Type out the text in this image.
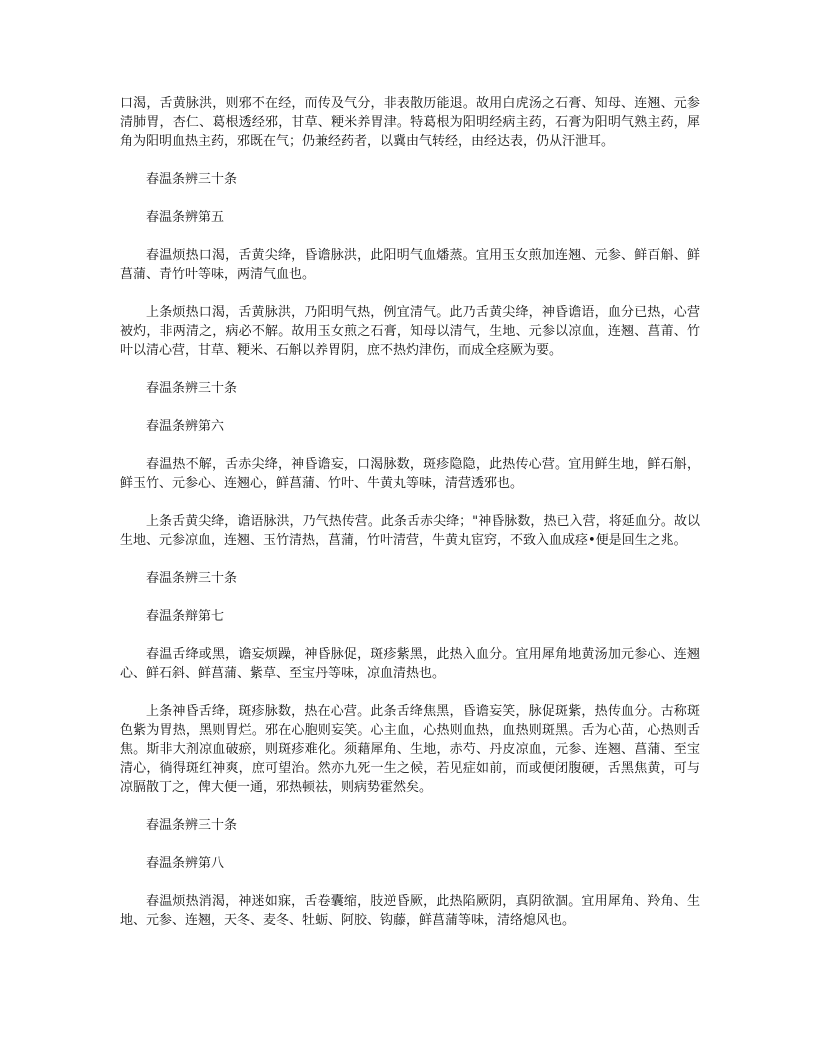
口渴，舌黄脉洪，则邪不在经，而传及气分，非表散历能退。故用白虎汤之石膏、知母、连翘、元参清肺胃，杏仁、葛根透经邪，甘草、粳米养胃津。特葛根为阳明经病主药，石膏为阳明气熟主药，犀角为阳明血热主药，邪既在气；仍兼经药者，以冀由气转经，由经达表，仍从汗泄耳。

春温条辨三十条
春温条辨第五

春温烦热口渴，舌黄尖绛，昏谵脉洪，此阳明气血燔蒸。宜用玉女煎加连翘、元参、鲜百斛、鲜菖蒲、青竹叶等味，两清气血也。

上条烦热口渴，舌黄脉洪，乃阳明气热，例宜清气。此乃舌黄尖绛，神昏谵语，血分已热，心营被灼，非两清之，病必不解。故用玉女煎之石膏，知母以清气，生地、元参以凉血，连翘、菖莆、竹叶以清心营，甘草、粳米、石斛以养胃阴，庶不热灼津伤，而成全痉厥为要。

春温条辨三十条
春温条辨第六

春温热不解，舌赤尖绛，神昏谵妄，口渴脉数，斑疹隐隐，此热传心营。宜用鲜生地，鲜石斛，鲜玉竹、元参心、连翘心，鲜菖蒲、竹叶、牛黄丸等味，清营透邪也。

上条舌黄尖绛，谵语脉洪，乃气热传营。此条舌赤尖绛；"神昏脉数，热已入营，将延血分。故以生地、元参凉血，连翘、玉竹清热，菖蒲，竹叶清营，牛黄丸宦窍，不致入血成痉•便是回生之兆。

春温条辨三十条
春温条辩第七

春温舌绛或黑，谵妄烦躁，神昏脉促，斑疹紫黑，此热入血分。宜用犀角地黄汤加元参心、连翘心、鲜石斜、鲜菖蒲、紫草、至宝丹等味，凉血清热也。

上条神昏舌绛，斑疹脉数，热在心营。此条舌绛焦黑，昏谵妄笑，脉促斑紫，热传血分。古称斑色紫为胃热，黑则胃烂。邪在心胞则妄笑。心主血，心热则血热，血热则斑黑。舌为心苗，心热则舌焦。斯非大剂凉血破瘀，则斑疹难化。须藉犀角、生地，赤芍、丹皮凉血，元参、连翘、菖蒲、至宝清心，徜得斑红神爽，庶可望治。然亦九死一生之候，若见症如前，而或便闭腹硬，舌黑焦黄，可与凉膈散丁之，俾大便一通，邪热顿祛，则病势霍然矣。

春温条辨三十条
春温条辨第八

春温烦热消渴，神迷如寐，舌卷囊缩，肢逆昏厥，此热陷厥阴，真阴欲涸。宜用犀角、羚角、生地、元参、连翘，天冬、麦冬、牡蛎、阿胶、钩藤，鲜菖蒲等味，清络熄风也。
